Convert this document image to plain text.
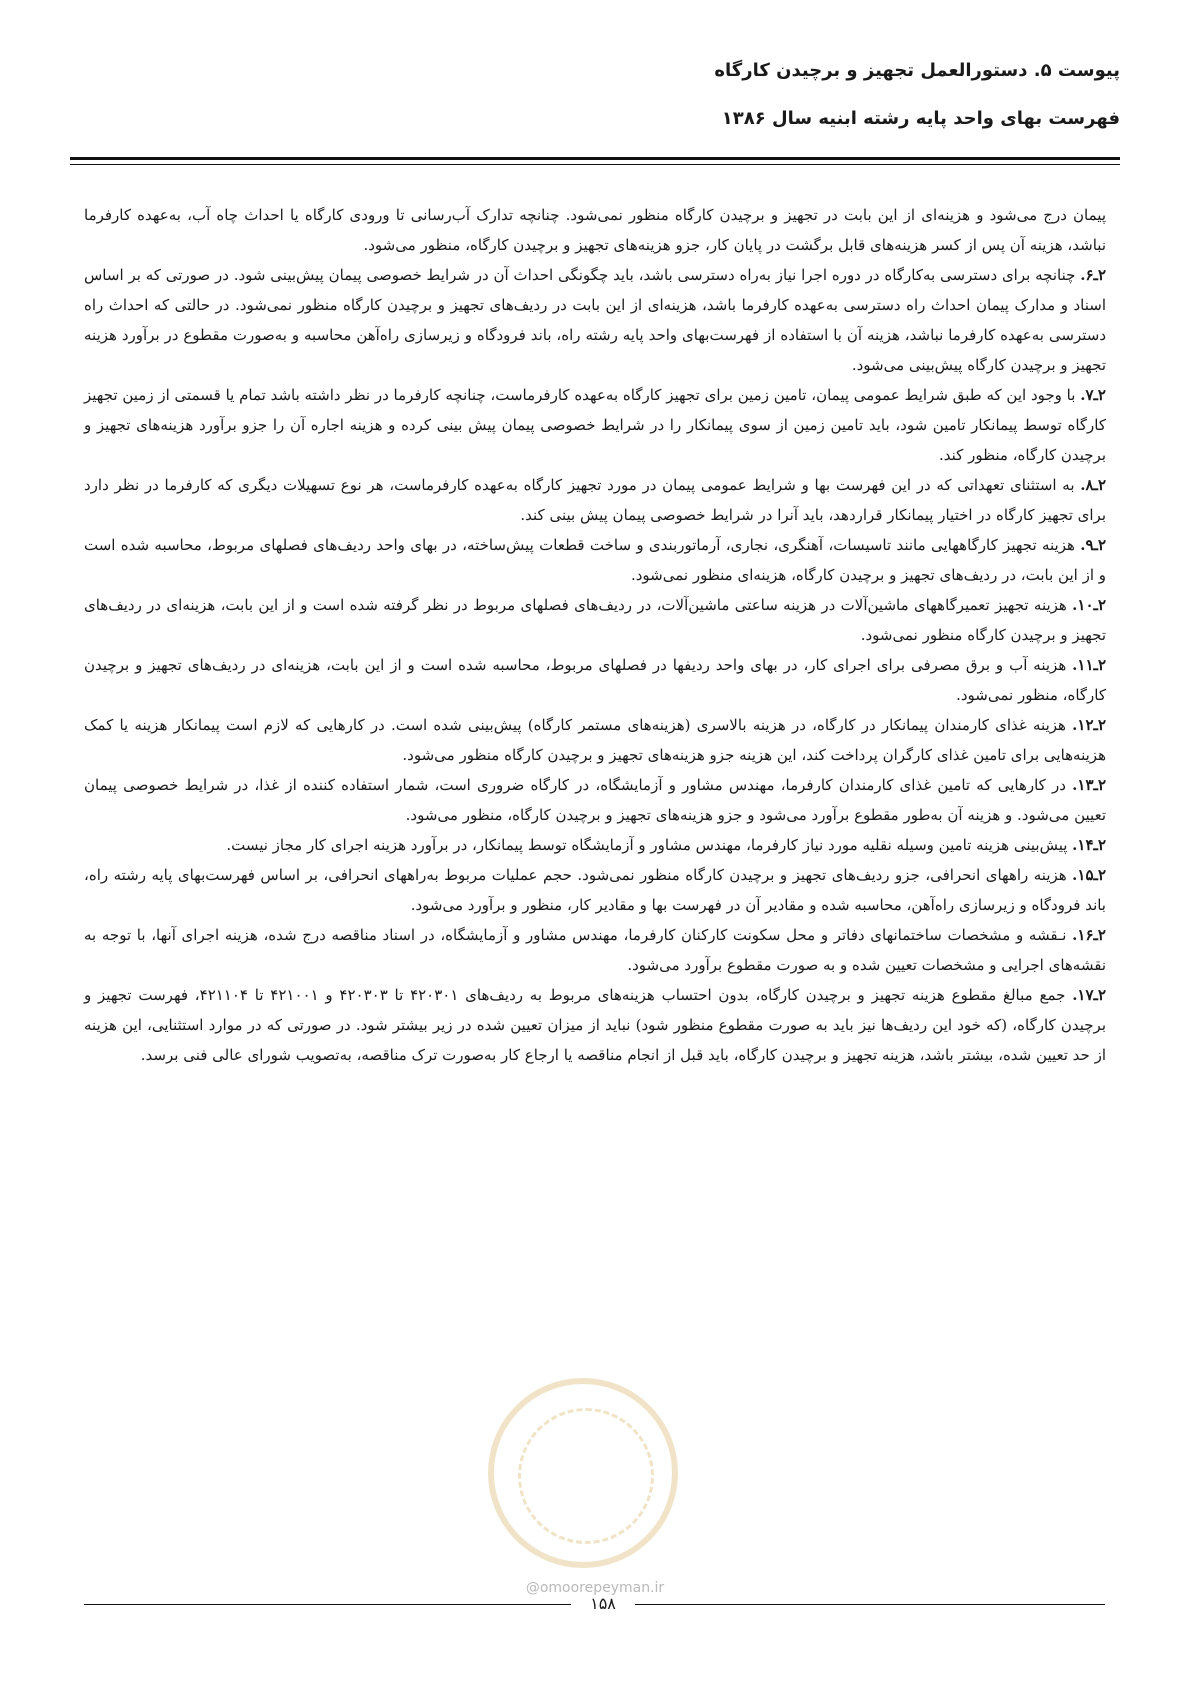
پیوست ۵. دستورالعمل تجهیز و برچیدن کارگاه
فهرست بهای واحد پایه رشته ابنیه سال ۱۳۸۶

پیمان درج می‌شود و هزینه‌ای از این بابت در تجهیز و برچیدن کارگاه منظور نمی‌شود. چنانچه تدارک آب‌رسانی تا ورودی کارگاه یا احداث چاه آب، به‌عهده کارفرما نباشد، هزینه آن پس از کسر هزینه‌های قابل برگشت در پایان کار، جزو هزینه‌های تجهیز و برچیدن کارگاه، منظور می‌شود.

۲ـ۶. چنانچه برای دسترسی به‌کارگاه در دوره اجرا نیاز به‌راه دسترسی باشد، باید چگونگی احداث آن در شرایط خصوصی پیمان پیش‌بینی شود. در صورتی که بر اساس اسناد و مدارک پیمان احداث راه دسترسی به‌عهده کارفرما باشد، هزینه‌ای از این بابت در ردیف‌های تجهیز و برچیدن کارگاه منظور نمی‌شود. در حالتی که احداث راه دسترسی به‌عهده کارفرما نباشد، هزینه آن با استفاده از فهرست‌بهای واحد پایه رشته راه، باند فرودگاه و زیرسازی راه‌آهن محاسبه و به‌صورت مقطوع در برآورد هزینه تجهیز و برچیدن کارگاه پیش‌بینی می‌شود.

۲ـ۷. با وجود این که طبق شرایط عمومی پیمان، تامین زمین برای تجهیز کارگاه به‌عهده کارفرماست، چنانچه کارفرما در نظر داشته باشد تمام یا قسمتی از زمین تجهیز کارگاه توسط پیمانکار تامین شود، باید تامین زمین از سوی پیمانکار را در شرایط خصوصی پیمان پیش بینی کرده و هزینه اجاره آن را جزو برآورد هزینه‌های تجهیز و برچیدن کارگاه، منظور کند.

۲ـ۸. به استثنای تعهداتی که در این فهرست بها و شرایط عمومی پیمان در مورد تجهیز کارگاه به‌عهده کارفرماست، هر نوع تسهیلات دیگری که کارفرما در نظر دارد برای تجهیز کارگاه در اختیار پیمانکار قراردهد، باید آنرا در شرایط خصوصی پیمان پیش بینی کند.

۲ـ۹. هزینه تجهیز کارگاههایی مانند تاسیسات، آهنگری، نجاری، آرماتوربندی و ساخت قطعات پیش‌ساخته، در بهای واحد ردیف‌های فصلهای مربوط، محاسبه شده است و از این بابت، در ردیف‌های تجهیز و برچیدن کارگاه، هزینه‌ای منظور نمی‌شود.

۲ـ۱۰. هزینه تجهیز تعمیرگاههای ماشین‌آلات در هزینه ساعتی ماشین‌آلات، در ردیف‌های فصلهای مربوط در نظر گرفته شده است و از این بابت، هزینه‌ای در ردیف‌های تجهیز و برچیدن کارگاه منظور نمی‌شود.

۲ـ۱۱. هزینه آب و برق مصرفی برای اجرای کار، در بهای واحد ردیفها در فصلهای مربوط، محاسبه شده است و از این بابت، هزینه‌ای در ردیف‌های تجهیز و برچیدن کارگاه، منظور نمی‌شود.

۲ـ۱۲. هزینه غذای کارمندان پیمانکار در کارگاه، در هزینه بالاسری (هزینه‌های مستمر کارگاه) پیش‌بینی شده است. در کارهایی که لازم است پیمانکار هزینه یا کمک هزینه‌هایی برای تامین غذای کارگران پرداخت کند، این هزینه جزو هزینه‌های تجهیز و برچیدن کارگاه منظور می‌شود.

۲ـ۱۳. در کارهایی که تامین غذای کارمندان کارفرما، مهندس مشاور و آزمایشگاه، در کارگاه ضروری است، شمار استفاده کننده از غذا، در شرایط خصوصی پیمان تعیین می‌شود. و هزینه آن به‌طور مقطوع برآورد می‌شود و جزو هزینه‌های تجهیز و برچیدن کارگاه، منظور می‌شود.

۲ـ۱۴. پیش‌بینی هزینه تامین وسیله نقلیه مورد نیاز کارفرما، مهندس مشاور و آزمایشگاه توسط پیمانکار، در برآورد هزینه اجرای کار مجاز نیست.

۲ـ۱۵. هزینه راههای انحرافی، جزو ردیف‌های تجهیز و برچیدن کارگاه منظور نمی‌شود. حجم عملیات مربوط به‌راههای انحرافی، بر اساس فهرست‌بهای پایه رشته راه، باند فرودگاه و زیرسازی راه‌آهن، محاسبه شده و مقادیر آن در فهرست بها و مقادیر کار، منظور و برآورد می‌شود.

۲ـ۱۶. نـقشه و مشخصات ساختمانهای دفاتر و محل سکونت کارکنان کارفرما، مهندس مشاور و آزمایشگاه، در اسناد مناقصه درج شده، هزینه اجرای آنها، با توجه به نقشه‌های اجرایی و مشخصات تعیین شده و به صورت مقطوع برآورد می‌شود.

۲ـ۱۷. جمع مبالغ مقطوع هزینه تجهیز و برچیدن کارگاه، بدون احتساب هزینه‌های مربوط به ردیف‌های ۴۲۰۳۰۱ تا ۴۲۰۳۰۳ و ۴۲۱۰۰۱ تا ۴۲۱۱۰۴، فهرست تجهیز و برچیدن کارگاه، (که خود این ردیف‌ها نیز باید به صورت مقطوع منظور شود) نباید از میزان تعیین شده در زیر بیشتر شود. در صورتی که در موارد استثنایی، این هزینه از حد تعیین شده، بیشتر باشد، هزینه تجهیز و برچیدن کارگاه، باید قبل از انجام مناقصه یا ارجاع کار به‌صورت ترک مناقصه، به‌تصویب شورای عالی فنی برسد.

@omoorepeyman.ir
۱۵۸
